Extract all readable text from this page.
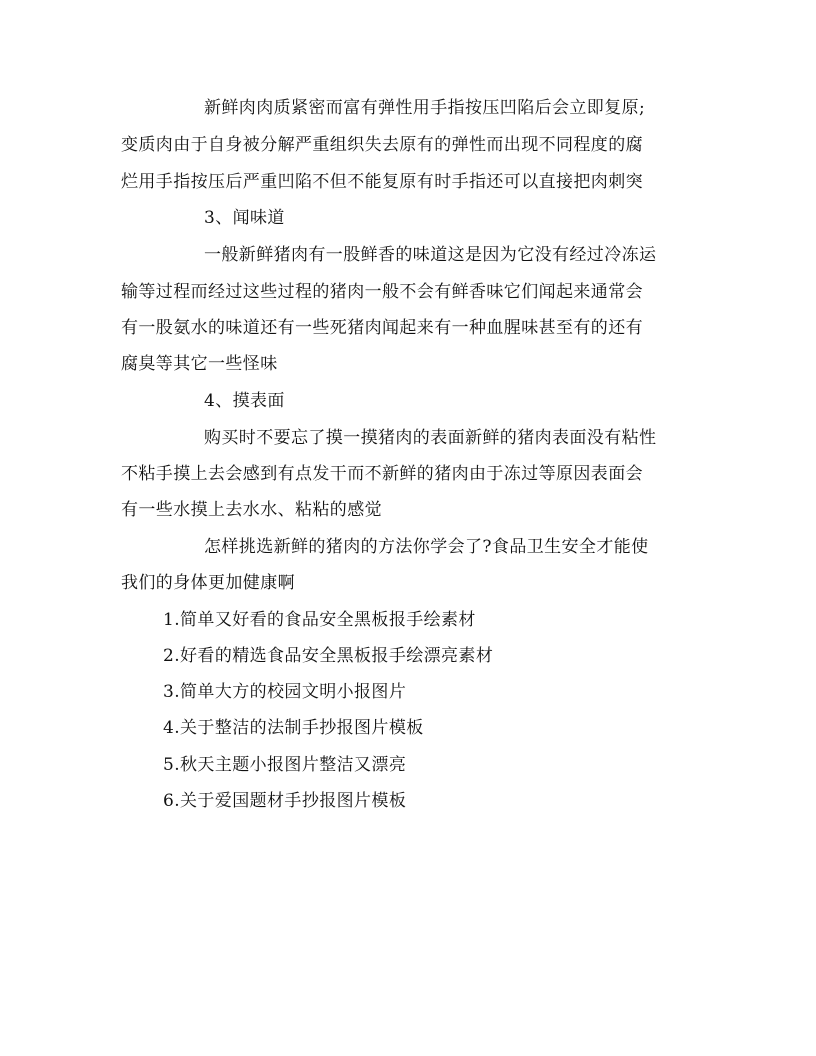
新鲜肉肉质紧密而富有弹性用手指按压凹陷后会立即复原;
变质肉由于自身被分解严重组织失去原有的弹性而出现不同程度的腐
烂用手指按压后严重凹陷不但不能复原有时手指还可以直接把肉刺突
3、闻味道
一般新鲜猪肉有一股鲜香的味道这是因为它没有经过冷冻运
输等过程而经过这些过程的猪肉一般不会有鲜香味它们闻起来通常会
有一股氨水的味道还有一些死猪肉闻起来有一种血腥味甚至有的还有
腐臭等其它一些怪味
4、摸表面
购买时不要忘了摸一摸猪肉的表面新鲜的猪肉表面没有粘性
不粘手摸上去会感到有点发干而不新鲜的猪肉由于冻过等原因表面会
有一些水摸上去水水、粘粘的感觉
怎样挑选新鲜的猪肉的方法你学会了?食品卫生安全才能使
我们的身体更加健康啊
1.简单又好看的食品安全黑板报手绘素材
2.好看的精选食品安全黑板报手绘漂亮素材
3.简单大方的校园文明小报图片
4.关于整洁的法制手抄报图片模板
5.秋天主题小报图片整洁又漂亮
6.关于爱国题材手抄报图片模板
